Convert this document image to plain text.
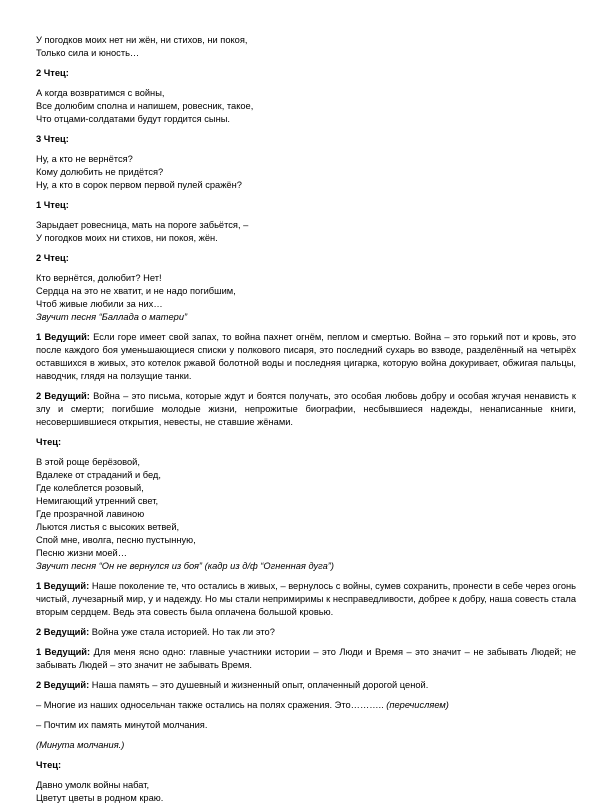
У погодков моих нет ни жён, ни стихов, ни покоя,
Только сила и юность…
2 Чтец:
А когда возвратимся с войны,
Все долюбим сполна и напишем, ровесник, такое,
Что отцами-солдатами будут гордится сыны.
3 Чтец:
Ну, а кто не вернётся?
Кому долюбить не придётся?
Ну, а кто в сорок первом первой пулей сражён?
1 Чтец:
Зарыдает ровесница, мать на пороге забьётся, –
У погодков моих ни стихов, ни покоя, жён.
2 Чтец:
Кто вернётся, долюбит? Нет!
Сердца на это не хватит, и не надо погибшим,
Чтоб живые любили за них…
Звучит песня “Баллада о матери”
1 Ведущий: Если горе имеет свой запах, то война пахнет огнём, пеплом и смертью. Война – это горький пот и кровь, это после каждого боя уменьшающиеся списки у полкового писаря, это последний сухарь во взводе, разделённый на четырёх оставшихся в живых, это котелок ржавой болотной воды и последняя цигарка, которую война докуривает, обжигая пальцы, наводчик, глядя на ползущие танки.
2 Ведущий: Война – это письма, которые ждут и боятся получать, это особая любовь добру и особая жгучая ненависть к злу и смерти; погибшие молодые жизни, непрожитые биографии, несбывшиеся надежды, ненаписанные книги, несовершившиеся открытия, невесты, не ставшие жёнами.
Чтец:
В этой роще берёзовой,
Вдалеке от страданий и бед,
Где колеблется розовый,
Немигающий утренний свет,
Где прозрачной лавиною
Льются листья с высоких ветвей,
Спой мне, иволга, песню пустынную,
Песню жизни моей…
Звучит песня “Он не вернулся из боя” (кадр из д/ф “Огненная дуга”)
1 Ведущий: Наше поколение те, что остались в живых, – вернулось с войны, сумев сохранить, пронести в себе через огонь чистый, лучезарный мир, у и надежду. Но мы стали непримиримы к несправедливости, добрее к добру, наша совесть стала вторым сердцем. Ведь эта совесть была оплачена большой кровью.
2 Ведущий: Война уже стала историей. Но так ли это?
1 Ведущий: Для меня ясно одно: главные участники истории – это Люди и Время – это значит – не забывать Людей; не забывать Людей – это значит не забывать Время.
2 Ведущий: Наша память – это душевный и жизненный опыт, оплаченный дорогой ценой.
– Многие из наших односельчан также остались на полях сражения. Это……….. (перечисляем)
– Почтим их память минутой молчания.
(Минута молчания.)
Чтец:
Давно умолк войны набат,
Цветут цветы в родном краю.
